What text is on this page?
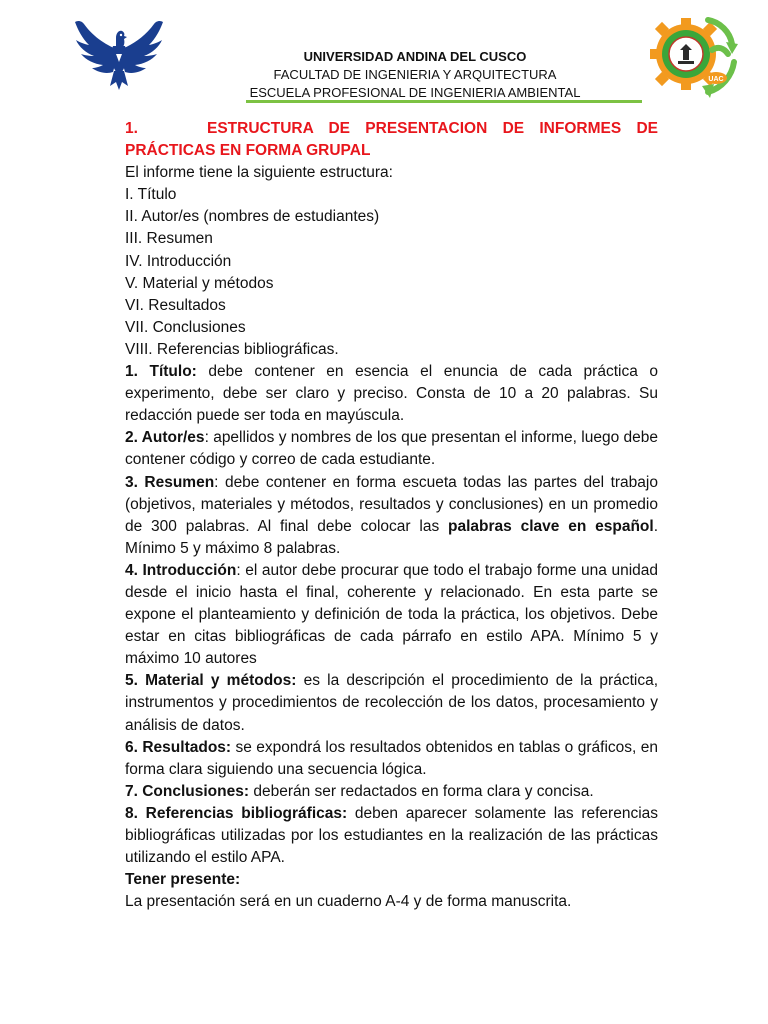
UNIVERSIDAD ANDINA DEL CUSCO
FACULTAD DE INGENIERIA Y ARQUITECTURA
ESCUELA PROFESIONAL DE INGENIERIA AMBIENTAL
UAC

1.	ESTRUCTURA DE PRESENTACION DE INFORMES DE PRÁCTICAS EN FORMA GRUPAL

El informe tiene la siguiente estructura:

I. Título

II. Autor/es (nombres de estudiantes)

III. Resumen

IV. Introducción

V. Material y métodos

VI. Resultados

VII. Conclusiones

VIII. Referencias bibliográficas.

1. Título: debe contener en esencia el enuncia de cada práctica o experimento, debe ser claro y preciso. Consta de 10 a 20 palabras. Su redacción puede ser toda en mayúscula.

2. Autor/es: apellidos y nombres de los que presentan el informe, luego debe contener código y correo de cada estudiante.

3. Resumen: debe contener en forma escueta todas las partes del trabajo (objetivos, materiales y métodos, resultados y conclusiones) en un promedio de 300 palabras. Al final debe colocar las palabras clave en español. Mínimo 5 y máximo 8 palabras.

4. Introducción: el autor debe procurar que todo el trabajo forme una unidad desde el inicio hasta el final, coherente y relacionado. En esta parte se expone el planteamiento y definición de toda la práctica, los objetivos. Debe estar en citas bibliográficas de cada párrafo en estilo APA. Mínimo 5 y máximo 10 autores

5. Material y métodos: es la descripción el procedimiento de la práctica, instrumentos y procedimientos de recolección de los datos, procesamiento y análisis de datos.

6. Resultados: se expondrá los resultados obtenidos en tablas o gráficos, en forma clara siguiendo una secuencia lógica.

7. Conclusiones: deberán ser redactados en forma clara y concisa.

8. Referencias bibliográficas: deben aparecer solamente las referencias bibliográficas utilizadas por los estudiantes en la realización de las prácticas utilizando el estilo APA.

Tener presente:

La presentación será en un cuaderno A-4 y de forma manuscrita.
